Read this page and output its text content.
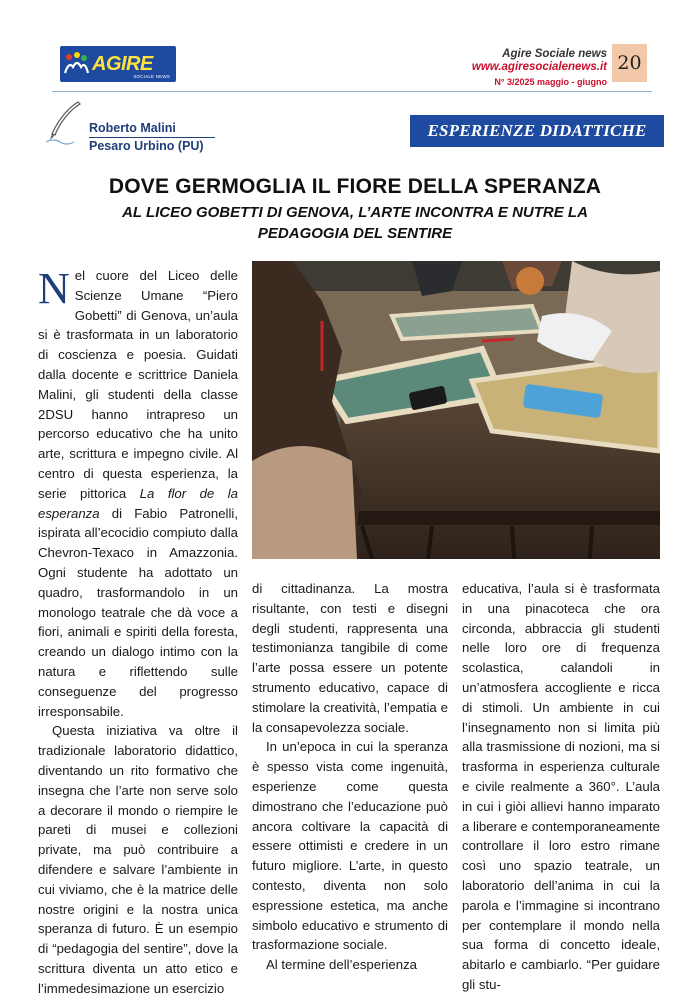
AGIRE
SOCIALE NEWS
Agire Sociale news
www.agiresocialenews.it
N° 3/2025 maggio - giugno
20
Roberto Malini
Pesaro Urbino (PU)
ESPERIENZE DIDATTICHE
DOVE GERMOGLIA IL FIORE DELLA SPERANZA
AL LICEO GOBETTI DI GENOVA, L’ARTE INCONTRA E NUTRE LA
PEDAGOGIA DEL SENTIRE

Nel cuore del Liceo delle Scienze Umane “Piero Gobetti” di Genova, un’aula si è trasformata in un laboratorio di coscienza e poesia. Guidati dalla docente e scrittrice Daniela Malini, gli studenti della classe 2DSU hanno intrapreso un percorso educativo che ha unito arte, scrittura e impegno civile. Al centro di questa esperienza, la serie pittorica La flor de la esperanza di Fabio Patronelli, ispirata all’ecocidio compiuto dalla Chevron-Texaco in Amazzonia. Ogni studente ha adottato un quadro, trasformandolo in un monologo teatrale che dà voce a fiori, animali e spiriti della foresta, creando un dialogo intimo con la natura e riflettendo sulle conseguenze del progresso irresponsabile.

Questa iniziativa va oltre il tradizionale laboratorio didattico, diventando un rito formativo che insegna che l’arte non serve solo a decorare il mondo o riempire le pareti di musei e collezioni private, ma può contribuire a difendere e salvare l’ambiente in cui viviamo, che è la matrice delle nostre origini e la nostra unica speranza di futuro. È un esempio di “pedagogia del sentire”, dove la scrittura diventa un atto etico e l’immedesimazione un esercizio

di cittadinanza. La mostra risultante, con testi e disegni degli studenti, rappresenta una testimonianza tangibile di come l’arte possa essere un potente strumento educativo, capace di stimolare la creatività, l’empatia e la consapevolezza sociale.

In un’epoca in cui la speranza è spesso vista come ingenuità, esperienze come questa dimostrano che l’educazione può ancora coltivare la capacità di essere ottimisti e credere in un futuro migliore. L’arte, in questo contesto, diventa non solo espressione estetica, ma anche simbolo educativo e strumento di trasformazione sociale.

Al termine dell’esperienza

educativa, l’aula si è trasformata in una pinacoteca che ora circonda, abbraccia gli studenti nelle loro ore di frequenza scolastica, calandoli in un’atmosfera accogliente e ricca di stimoli. Un ambiente in cui l’insegnamento non si limita più alla trasmissione di nozioni, ma si trasforma in esperienza culturale e civile realmente a 360°. L’aula in cui i giòi allievi hanno imparato a liberare e contemporaneamente controllare il loro estro rimane così uno spazio teatrale, un laboratorio dell’anima in cui la parola e l’immagine si incontrano per contemplare il mondo nella sua forma di concetto ideale, abitarlo e cambiarlo. “Per guidare gli stu-
